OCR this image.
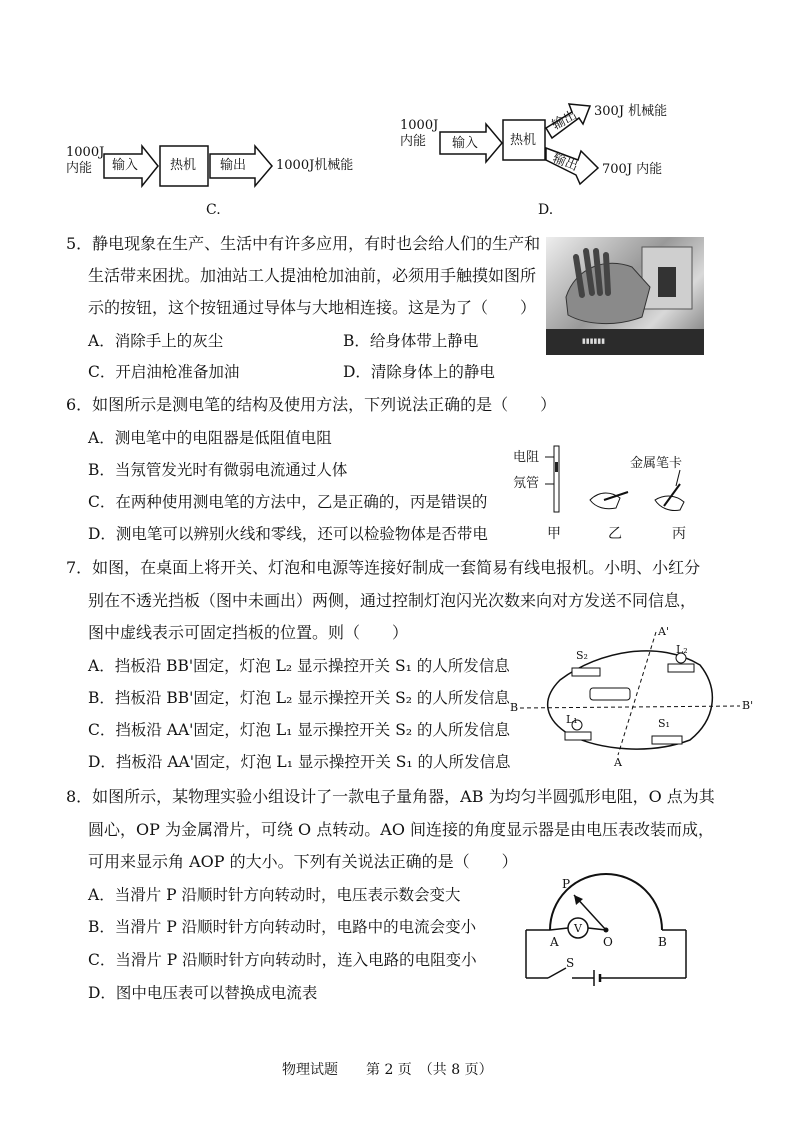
1000J
内能	输入 热机 输出 1000J机械能
C.
1000J
内能	输入 热机
输出
输出
300J 机械能
700J 内能
D.
5．静电现象在生产、生活中有许多应用，有时也会给人们的生产和
生活带来困扰。加油站工人提油枪加油前，必须用手触摸如图所
示的按钮，这个按钮通过导体与大地相连接。这是为了（　　）
A．消除手上的灰尘	B．给身体带上静电
C．开启油枪准备加油	D．清除身体上的静电
▮▮▮▮▮▮
6．如图所示是测电笔的结构及使用方法，下列说法正确的是（　　）
A．测电笔中的电阻器是低阻值电阻
B．当氖管发光时有微弱电流通过人体
C．在两种使用测电笔的方法中，乙是正确的，丙是错误的
D．测电笔可以辨别火线和零线，还可以检验物体是否带电
电阻
氖管
金属笔卡
甲	乙	丙
7．如图，在桌面上将开关、灯泡和电源等连接好制成一套简易有线电报机。小明、小红分
别在不透光挡板（图中未画出）两侧，通过控制灯泡闪光次数来向对方发送不同信息，
图中虚线表示可固定挡板的位置。则（　　）
A．挡板沿 BB'固定，灯泡 L₂ 显示操控开关 S₁ 的人所发信息
B．挡板沿 BB'固定，灯泡 L₂ 显示操控开关 S₂ 的人所发信息
C．挡板沿 AA'固定，灯泡 L₁ 显示操控开关 S₂ 的人所发信息
D．挡板沿 AA'固定，灯泡 L₁ 显示操控开关 S₁ 的人所发信息
S₂	L₂
L₁	S₁
A'
A
B	B'
8．如图所示，某物理实验小组设计了一款电子量角器，AB 为均匀半圆弧形电阻，O 点为其
圆心，OP 为金属滑片，可绕 O 点转动。AO 间连接的角度显示器是由电压表改装而成，
可用来显示角 AOP 的大小。下列有关说法正确的是（　　）
A．当滑片 P 沿顺时针方向转动时，电压表示数会变大
B．当滑片 P 沿顺时针方向转动时，电路中的电流会变小
C．当滑片 P 沿顺时针方向转动时，连入电路的电阻变小
D．图中电压表可以替换成电流表
P
V
A	O	B
S
物理试题　　第 2 页　（共 8 页）
